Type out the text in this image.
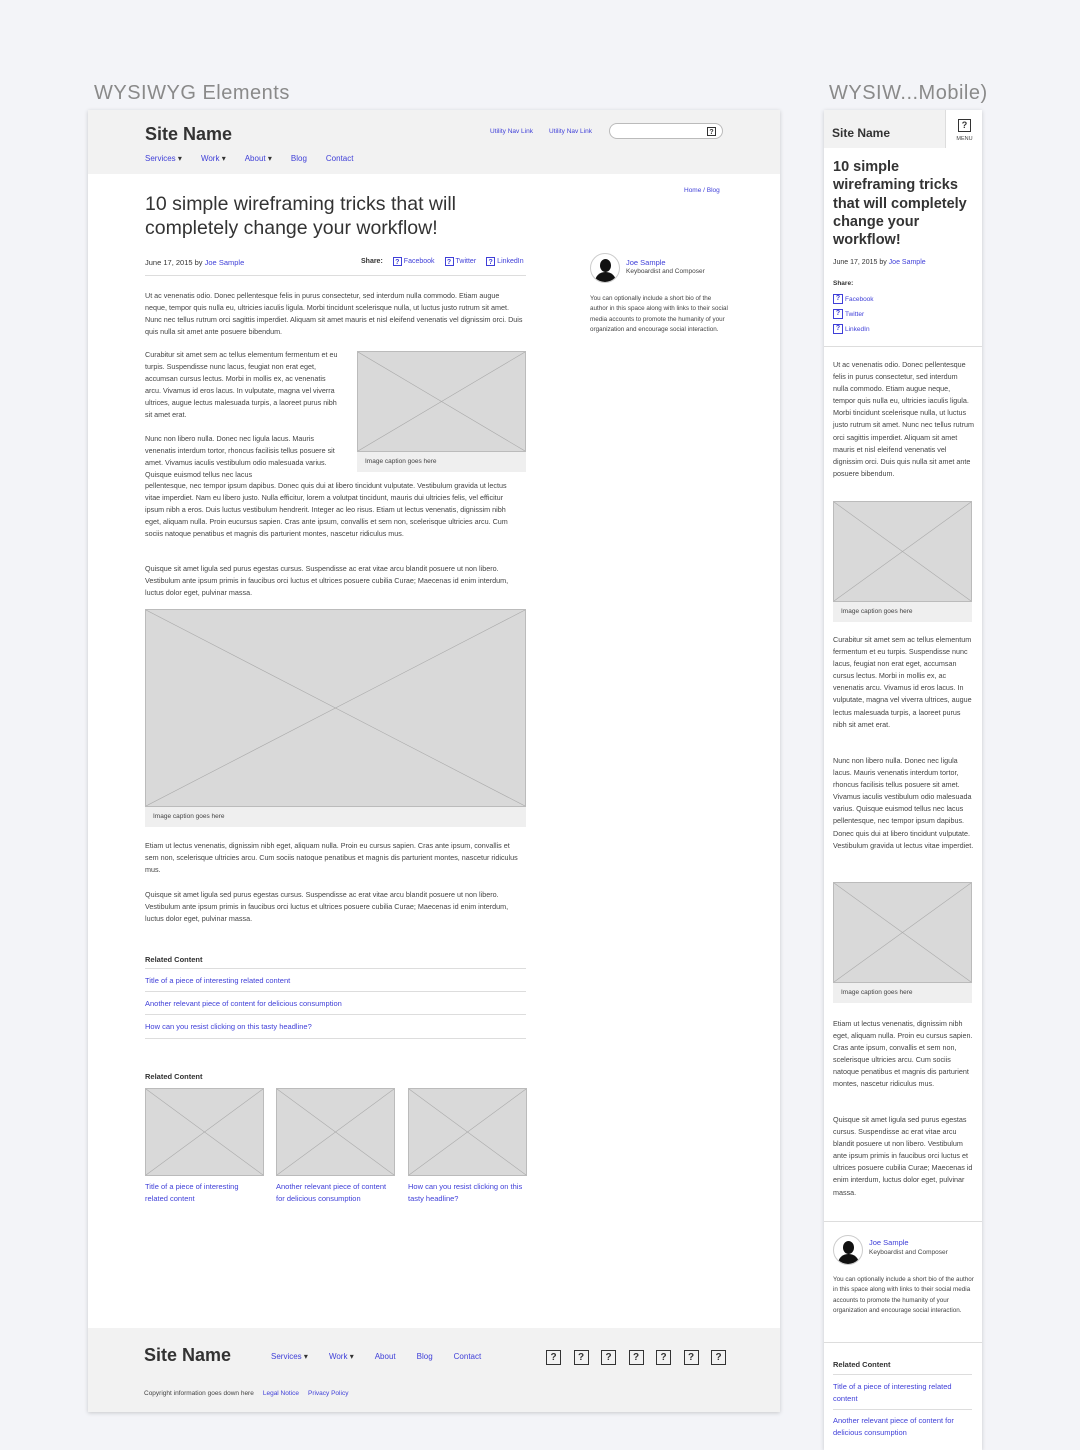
WYSIWYG Elements	WYSIW...Mobile)
Site Name
Services ▾ Work ▾ About ▾ Blog Contact
Utility Nav Link Utility Nav Link	?
Home / Blog
10 simple wireframing tricks that will completely change your workflow!
June 17, 2015 by Joe Sample	Share:	? Facebook	? Twitter	? LinkedIn	Joe Sample
Keyboardist and Composer
You can optionally include a short bio of the author in this space along with links to their social media accounts to promote the humanity of your organization and encourage social interaction.
Ut ac venenatis odio. Donec pellentesque felis in purus consectetur, sed interdum nulla commodo. Etiam augue neque, tempor quis nulla eu, ultricies iaculis ligula. Morbi tincidunt scelerisque nulla, ut luctus justo rutrum sit amet. Nunc nec tellus rutrum orci sagittis imperdiet. Aliquam sit amet mauris et nisl eleifend venenatis vel dignissim orci. Duis quis nulla sit amet ante posuere bibendum.
Curabitur sit amet sem ac tellus elementum fermentum et eu turpis. Suspendisse nunc lacus, feugiat non erat eget, accumsan cursus lectus. Morbi in mollis ex, ac venenatis arcu. Vivamus id eros lacus. In vulputate, magna vel viverra ultrices, augue lectus malesuada turpis, a laoreet purus nibh sit amet erat.
Nunc non libero nulla. Donec nec ligula lacus. Mauris venenatis interdum tortor, rhoncus facilisis tellus posuere sit amet. Vivamus iaculis vestibulum odio malesuada varius. Quisque euismod tellus nec lacus
pellentesque, nec tempor ipsum dapibus. Donec quis dui at libero tincidunt vulputate. Vestibulum gravida ut lectus vitae imperdiet. Nam eu libero justo. Nulla efficitur, lorem a volutpat tincidunt, mauris dui ultricies felis, vel efficitur ipsum nibh a eros. Duis luctus vestibulum hendrerit. Integer ac leo risus. Etiam ut lectus venenatis, dignissim nibh eget, aliquam nulla. Proin eucursus sapien. Cras ante ipsum, convallis et sem non, scelerisque ultricies arcu. Cum sociis natoque penatibus et magnis dis parturient montes, nascetur ridiculus mus.
Image caption goes here
Quisque sit amet ligula sed purus egestas cursus. Suspendisse ac erat vitae arcu blandit posuere ut non libero. Vestibulum ante ipsum primis in faucibus orci luctus et ultrices posuere cubilia Curae; Maecenas id enim interdum, luctus dolor eget, pulvinar massa.
Image caption goes here
Etiam ut lectus venenatis, dignissim nibh eget, aliquam nulla. Proin eu cursus sapien. Cras ante ipsum, convallis et sem non, scelerisque ultricies arcu. Cum sociis natoque penatibus et magnis dis parturient montes, nascetur ridiculus mus.
Quisque sit amet ligula sed purus egestas cursus. Suspendisse ac erat vitae arcu blandit posuere ut non libero. Vestibulum ante ipsum primis in faucibus orci luctus et ultrices posuere cubilia Curae; Maecenas id enim interdum, luctus dolor eget, pulvinar massa.
Related Content
Title of a piece of interesting related content
Another relevant piece of content for delicious consumption
How can you resist clicking on this tasty headline?
Related Content
Title of a piece of interesting related content
Another relevant piece of content for delicious consumption
How can you resist clicking on this tasty headline?
Site Name	Services ▾	Work ▾	About	Blog	Contact	?	?	?	?	?	?	?
Copyright information goes down here Legal Notice Privacy Policy
Site Name
?
MENU
10 simple wireframing tricks that will completely change your workflow!
June 17, 2015 by Joe Sample
Share:
? Facebook
? Twitter
? LinkedIn
Ut ac venenatis odio. Donec pellentesque felis in purus consectetur, sed interdum nulla commodo. Etiam augue neque, tempor quis nulla eu, ultricies iaculis ligula. Morbi tincidunt scelerisque nulla, ut luctus justo rutrum sit amet. Nunc nec tellus rutrum orci sagittis imperdiet. Aliquam sit amet mauris et nisl eleifend venenatis vel dignissim orci. Duis quis nulla sit amet ante posuere bibendum.
Image caption goes here
Curabitur sit amet sem ac tellus elementum fermentum et eu turpis. Suspendisse nunc lacus, feugiat non erat eget, accumsan cursus lectus. Morbi in mollis ex, ac venenatis arcu. Vivamus id eros lacus. In vulputate, magna vel viverra ultrices, augue lectus malesuada turpis, a laoreet purus nibh sit amet erat.
Nunc non libero nulla. Donec nec ligula lacus. Mauris venenatis interdum tortor, rhoncus facilisis tellus posuere sit amet. Vivamus iaculis vestibulum odio malesuada varius. Quisque euismod tellus nec lacus pellentesque, nec tempor ipsum dapibus. Donec quis dui at libero tincidunt vulputate. Vestibulum gravida ut lectus vitae imperdiet.
Image caption goes here
Etiam ut lectus venenatis, dignissim nibh eget, aliquam nulla. Proin eu cursus sapien. Cras ante ipsum, convallis et sem non, scelerisque ultricies arcu. Cum sociis natoque penatibus et magnis dis parturient montes, nascetur ridiculus mus.
Quisque sit amet ligula sed purus egestas cursus. Suspendisse ac erat vitae arcu blandit posuere ut non libero. Vestibulum ante ipsum primis in faucibus orci luctus et ultrices posuere cubilia Curae; Maecenas id enim interdum, luctus dolor eget, pulvinar massa.
Joe Sample
Keyboardist and Composer
You can optionally include a short bio of the author in this space along with links to their social media accounts to promote the humanity of your organization and encourage social interaction.
Related Content
Title of a piece of interesting related content
Another relevant piece of content for delicious consumption
